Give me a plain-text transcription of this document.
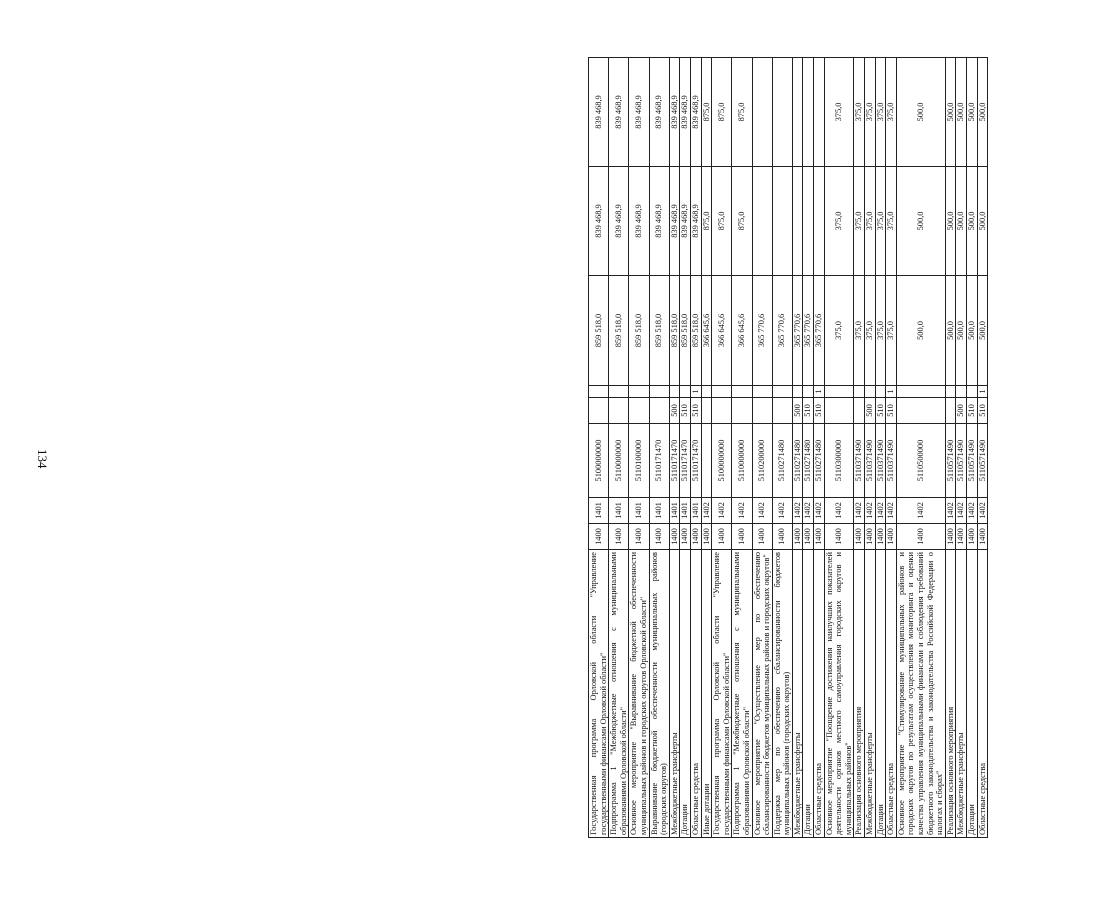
134
Государственная программа Орловской области "Управление государственными финансами Орловской области"	1400	1401	5100000000			859 518,0	839 468,9	839 468,9
Подпрограмма 1 "Межбюджетные отношения с муниципальными образованиями Орловской области"	1400	1401	5110000000			859 518,0	839 468,9	839 468,9
Основное мероприятие "Выравнивание бюджетной обеспеченности муниципальных районов и городских округов Орловской области"	1400	1401	5110100000			859 518,0	839 468,9	839 468,9
Выравнивание бюджетной обеспеченности муниципальных районов (городских округов)	1400	1401	5110171470			859 518,0	839 468,9	839 468,9
Межбюджетные трансферты	1400	1401	5110171470	500		859 518,0	839 468,9	839 468,9
Дотации	1400	1401	5110171470	510		859 518,0	839 468,9	839 468,9
Областные средства	1400	1401	5110171470	510	1	859 518,0	839 468,9	839 468,9
Иные дотации	1400	1402				366 645,6	875,0	875,0
Государственная программа Орловской области "Управление государственными финансами Орловской области"	1400	1402	5100000000			366 645,6	875,0	875,0
Подпрограмма 1 "Межбюджетные отношения с муниципальными образованиями Орловской области"	1400	1402	5110000000			366 645,6	875,0	875,0
Основное мероприятие "Осуществление мер по обеспечению сбалансированности бюджетов муниципальных районов и городских округов"	1400	1402	5110200000			365 770,6		
Поддержка мер по обеспечению сбалансированности бюджетов муниципальных районов (городских округов)	1400	1402	5110271480			365 770,6		
Межбюджетные трансферты	1400	1402	5110271480	500		365 770,6		
Дотации	1400	1402	5110271480	510		365 770,6		
Областные средства	1400	1402	5110271480	510	1	365 770,6		
Основное мероприятие "Поощрение достижения наилучших показателей деятельности органов местного самоуправления городских округов и муниципальных районов"	1400	1402	5110300000			375,0	375,0	375,0
Реализация основного мероприятия	1400	1402	5110371490			375,0	375,0	375,0
Межбюджетные трансферты	1400	1402	5110371490	500		375,0	375,0	375,0
Дотации	1400	1402	5110371490	510		375,0	375,0	375,0
Областные средства	1400	1402	5110371490	510	1	375,0	375,0	375,0
Основное мероприятие "Стимулирование муниципальных районов и городских округов по результатам осуществления мониторинга и оценки качества управления муниципальными финансами и соблюдения требований бюджетного законодательства и законодательства Российской Федерации о налогах и сборах"	1400	1402	5110500000			500,0	500,0	500,0
Реализация основного мероприятия	1400	1402	5110571490			500,0	500,0	500,0
Межбюджетные трансферты	1400	1402	5110571490	500		500,0	500,0	500,0
Дотации	1400	1402	5110571490	510		500,0	500,0	500,0
Областные средства	1400	1402	5110571490	510	1	500,0	500,0	500,0
